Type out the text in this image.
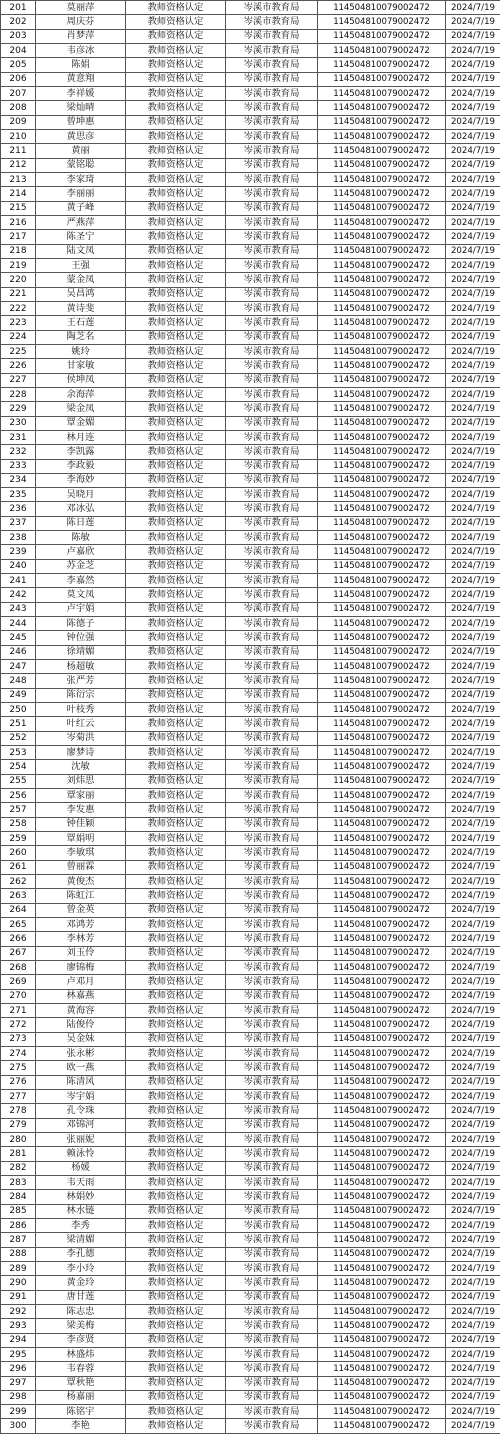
201	莫丽萍	教师资格认定	岑溪市教育局	114504810079002472	2024/7/19
202	周庆芬	教师资格认定	岑溪市教育局	114504810079002472	2024/7/19
203	肖梦萍	教师资格认定	岑溪市教育局	114504810079002472	2024/7/19
204	韦彦冰	教师资格认定	岑溪市教育局	114504810079002472	2024/7/19
205	陈娟	教师资格认定	岑溪市教育局	114504810079002472	2024/7/19
206	黄意翔	教师资格认定	岑溪市教育局	114504810079002472	2024/7/19
207	李祥媛	教师资格认定	岑溪市教育局	114504810079002472	2024/7/19
208	梁灿晴	教师资格认定	岑溪市教育局	114504810079002472	2024/7/19
209	曾坤惠	教师资格认定	岑溪市教育局	114504810079002472	2024/7/19
210	黄思彦	教师资格认定	岑溪市教育局	114504810079002472	2024/7/19
211	黄丽	教师资格认定	岑溪市教育局	114504810079002472	2024/7/19
212	蒙铭聪	教师资格认定	岑溪市教育局	114504810079002472	2024/7/19
213	李家琦	教师资格认定	岑溪市教育局	114504810079002472	2024/7/19
214	李丽丽	教师资格认定	岑溪市教育局	114504810079002472	2024/7/19
215	黄子峰	教师资格认定	岑溪市教育局	114504810079002472	2024/7/19
216	严燕萍	教师资格认定	岑溪市教育局	114504810079002472	2024/7/19
217	陈圣宁	教师资格认定	岑溪市教育局	114504810079002472	2024/7/19
218	陆文凤	教师资格认定	岑溪市教育局	114504810079002472	2024/7/19
219	王强	教师资格认定	岑溪市教育局	114504810079002472	2024/7/19
220	蒙金凤	教师资格认定	岑溪市教育局	114504810079002472	2024/7/19
221	吴昌鸿	教师资格认定	岑溪市教育局	114504810079002472	2024/7/19
222	黄诗斐	教师资格认定	岑溪市教育局	114504810079002472	2024/7/19
223	王石莲	教师资格认定	岑溪市教育局	114504810079002472	2024/7/19
224	陶芝名	教师资格认定	岑溪市教育局	114504810079002472	2024/7/19
225	姚玲	教师资格认定	岑溪市教育局	114504810079002472	2024/7/19
226	甘家敏	教师资格认定	岑溪市教育局	114504810079002472	2024/7/19
227	侯坤凤	教师资格认定	岑溪市教育局	114504810079002472	2024/7/19
228	余海萍	教师资格认定	岑溪市教育局	114504810079002472	2024/7/19
229	梁金凤	教师资格认定	岑溪市教育局	114504810079002472	2024/7/19
230	覃金媚	教师资格认定	岑溪市教育局	114504810079002472	2024/7/19
231	林月连	教师资格认定	岑溪市教育局	114504810079002472	2024/7/19
232	李凯露	教师资格认定	岑溪市教育局	114504810079002472	2024/7/19
233	李政毅	教师资格认定	岑溪市教育局	114504810079002472	2024/7/19
234	李海妙	教师资格认定	岑溪市教育局	114504810079002472	2024/7/19
235	吴晓月	教师资格认定	岑溪市教育局	114504810079002472	2024/7/19
236	邓冰弘	教师资格认定	岑溪市教育局	114504810079002472	2024/7/19
237	陈日莲	教师资格认定	岑溪市教育局	114504810079002472	2024/7/19
238	陈敏	教师资格认定	岑溪市教育局	114504810079002472	2024/7/19
239	卢嘉欣	教师资格认定	岑溪市教育局	114504810079002472	2024/7/19
240	苏金芝	教师资格认定	岑溪市教育局	114504810079002472	2024/7/19
241	李嘉然	教师资格认定	岑溪市教育局	114504810079002472	2024/7/19
242	莫文凤	教师资格认定	岑溪市教育局	114504810079002472	2024/7/19
243	卢宇娟	教师资格认定	岑溪市教育局	114504810079002472	2024/7/19
244	陈德子	教师资格认定	岑溪市教育局	114504810079002472	2024/7/19
245	钟位强	教师资格认定	岑溪市教育局	114504810079002472	2024/7/19
246	徐靖媚	教师资格认定	岑溪市教育局	114504810079002472	2024/7/19
247	杨超敏	教师资格认定	岑溪市教育局	114504810079002472	2024/7/19
248	张严芳	教师资格认定	岑溪市教育局	114504810079002472	2024/7/19
249	陈衍宗	教师资格认定	岑溪市教育局	114504810079002472	2024/7/19
250	叶枝秀	教师资格认定	岑溪市教育局	114504810079002472	2024/7/19
251	叶红云	教师资格认定	岑溪市教育局	114504810079002472	2024/7/19
252	岑菊洪	教师资格认定	岑溪市教育局	114504810079002472	2024/7/19
253	廖梦诗	教师资格认定	岑溪市教育局	114504810079002472	2024/7/19
254	沈敏	教师资格认定	岑溪市教育局	114504810079002472	2024/7/19
255	刘炜思	教师资格认定	岑溪市教育局	114504810079002472	2024/7/19
256	覃家丽	教师资格认定	岑溪市教育局	114504810079002472	2024/7/19
257	李发惠	教师资格认定	岑溪市教育局	114504810079002472	2024/7/19
258	钟佳颖	教师资格认定	岑溪市教育局	114504810079002472	2024/7/19
259	覃娟明	教师资格认定	岑溪市教育局	114504810079002472	2024/7/19
260	李敏琪	教师资格认定	岑溪市教育局	114504810079002472	2024/7/19
261	曾丽霖	教师资格认定	岑溪市教育局	114504810079002472	2024/7/19
262	黄俊杰	教师资格认定	岑溪市教育局	114504810079002472	2024/7/19
263	陈虹江	教师资格认定	岑溪市教育局	114504810079002472	2024/7/19
264	曾金英	教师资格认定	岑溪市教育局	114504810079002472	2024/7/19
265	邓鸿芳	教师资格认定	岑溪市教育局	114504810079002472	2024/7/19
266	李林芳	教师资格认定	岑溪市教育局	114504810079002472	2024/7/19
267	刘玉伶	教师资格认定	岑溪市教育局	114504810079002472	2024/7/19
268	廖锦梅	教师资格认定	岑溪市教育局	114504810079002472	2024/7/19
269	卢邓月	教师资格认定	岑溪市教育局	114504810079002472	2024/7/19
270	林嘉燕	教师资格认定	岑溪市教育局	114504810079002472	2024/7/19
271	黄海容	教师资格认定	岑溪市教育局	114504810079002472	2024/7/19
272	陆俊伶	教师资格认定	岑溪市教育局	114504810079002472	2024/7/19
273	吴金妹	教师资格认定	岑溪市教育局	114504810079002472	2024/7/19
274	张永彬	教师资格认定	岑溪市教育局	114504810079002472	2024/7/19
275	欧一燕	教师资格认定	岑溪市教育局	114504810079002472	2024/7/19
276	陈清风	教师资格认定	岑溪市教育局	114504810079002472	2024/7/19
277	岑宇娟	教师资格认定	岑溪市教育局	114504810079002472	2024/7/19
278	孔令珠	教师资格认定	岑溪市教育局	114504810079002472	2024/7/19
279	邓锦河	教师资格认定	岑溪市教育局	114504810079002472	2024/7/19
280	张丽妮	教师资格认定	岑溪市教育局	114504810079002472	2024/7/19
281	赖泳怜	教师资格认定	岑溪市教育局	114504810079002472	2024/7/19
282	杨媛	教师资格认定	岑溪市教育局	114504810079002472	2024/7/19
283	韦天雨	教师资格认定	岑溪市教育局	114504810079002472	2024/7/19
284	林娟妙	教师资格认定	岑溪市教育局	114504810079002472	2024/7/19
285	林水链	教师资格认定	岑溪市教育局	114504810079002472	2024/7/19
286	李秀	教师资格认定	岑溪市教育局	114504810079002472	2024/7/19
287	梁清媚	教师资格认定	岑溪市教育局	114504810079002472	2024/7/19
288	李孔德	教师资格认定	岑溪市教育局	114504810079002472	2024/7/19
289	李小玲	教师资格认定	岑溪市教育局	114504810079002472	2024/7/19
290	黄金玲	教师资格认定	岑溪市教育局	114504810079002472	2024/7/19
291	唐甘莲	教师资格认定	岑溪市教育局	114504810079002472	2024/7/19
292	陈志忠	教师资格认定	岑溪市教育局	114504810079002472	2024/7/19
293	梁美梅	教师资格认定	岑溪市教育局	114504810079002472	2024/7/19
294	李彦贤	教师资格认定	岑溪市教育局	114504810079002472	2024/7/19
295	林盛炜	教师资格认定	岑溪市教育局	114504810079002472	2024/7/19
296	韦春蓉	教师资格认定	岑溪市教育局	114504810079002472	2024/7/19
297	覃秋艳	教师资格认定	岑溪市教育局	114504810079002472	2024/7/19
298	杨嘉丽	教师资格认定	岑溪市教育局	114504810079002472	2024/7/19
299	陈铭宇	教师资格认定	岑溪市教育局	114504810079002472	2024/7/19
300	李艳	教师资格认定	岑溪市教育局	114504810079002472	2024/7/19
